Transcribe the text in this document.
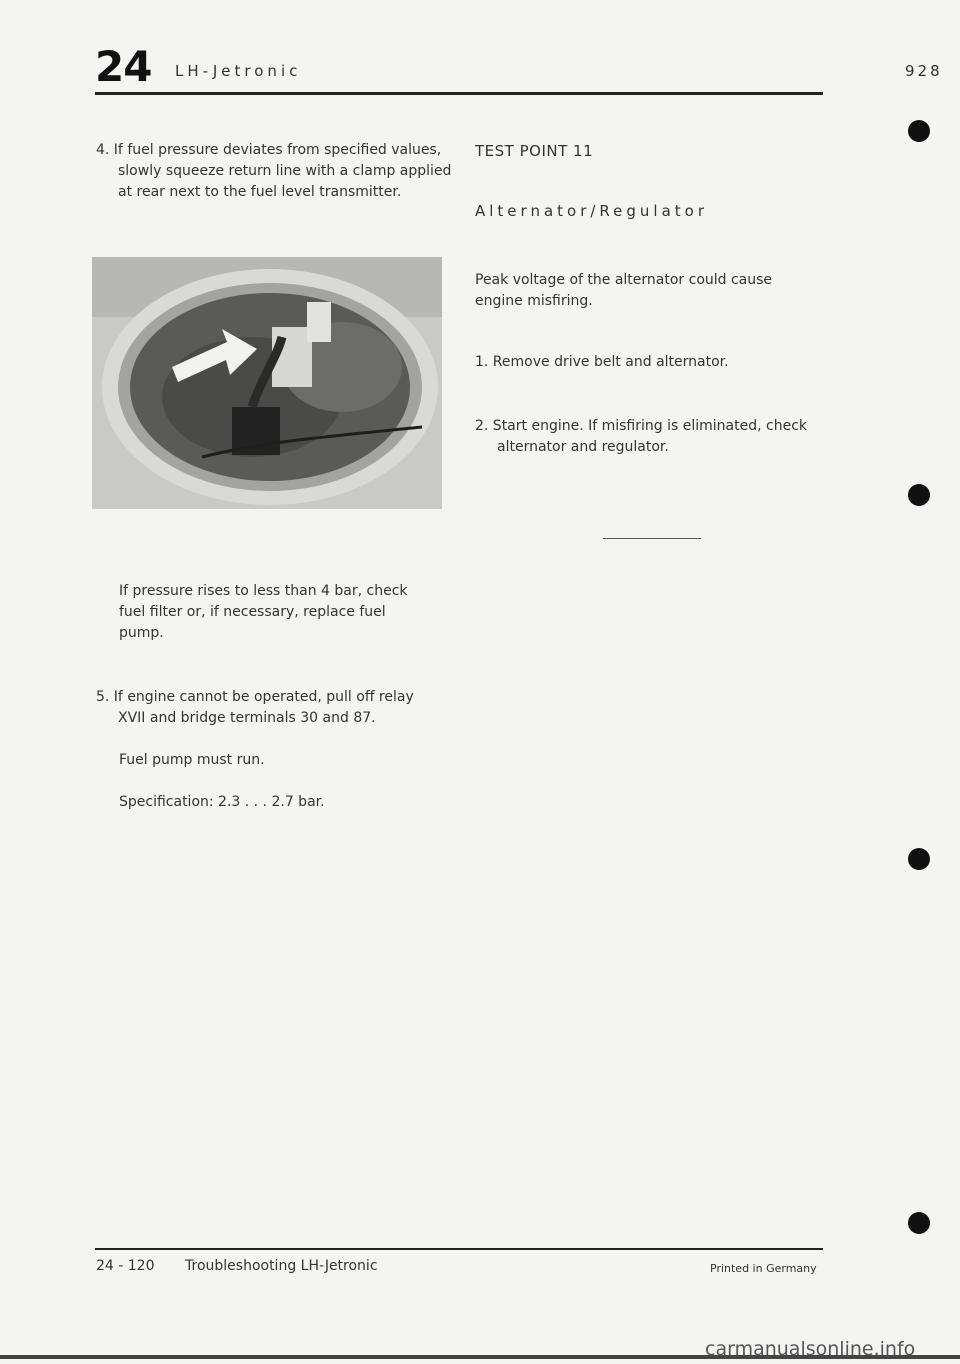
24 LH-Jetronic	928
4. If fuel pressure deviates from specified values, slowly squeeze return line with a clamp applied at rear next to the fuel level transmitter.
If pressure rises to less than 4 bar, check fuel filter or, if necessary, replace fuel pump.
5. If engine cannot be operated, pull off relay XVII and bridge terminals 30 and 87.
Fuel pump must run.
Specification: 2.3 . . . 2.7 bar.
TEST POINT 11
Alternator/Regulator
Peak voltage of the alternator could cause engine misfiring.
1. Remove drive belt and alternator.
2. Start engine. If misfiring is eliminated, check alternator and regulator.
24 - 120 Troubleshooting LH-Jetronic	Printed in Germany
carmanualsonline.info
